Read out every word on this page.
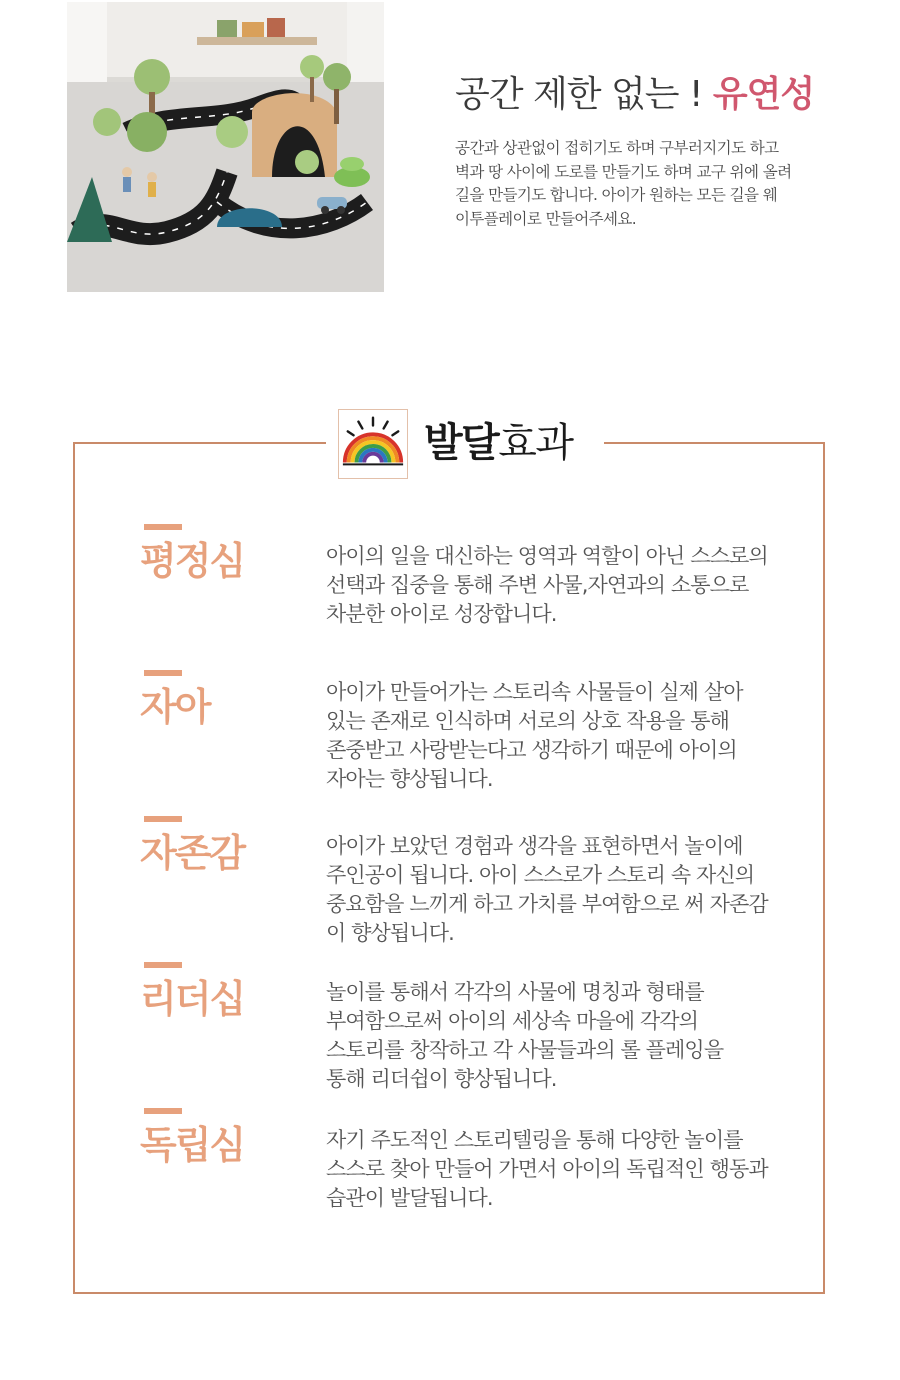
공간 제한 없는 ! 유연성
공간과 상관없이 접히기도 하며 구부러지기도 하고
벽과 땅 사이에 도로를 만들기도 하며 교구 위에 올려
길을 만들기도 합니다. 아이가 원하는 모든 길을 웨
이투플레이로 만들어주세요.
발달효과
평정심	아이의 일을 대신하는 영역과 역할이 아닌 스스로의
선택과 집중을 통해 주변 사물,자연과의 소통으로
차분한 아이로 성장합니다.
자아	아이가 만들어가는 스토리속 사물들이 실제 살아
있는 존재로 인식하며 서로의 상호 작용을 통해
존중받고 사랑받는다고 생각하기 때문에 아이의
자아는 향상됩니다.
자존감	아이가 보았던 경험과 생각을 표현하면서 놀이에
주인공이 됩니다. 아이 스스로가 스토리 속 자신의
중요함을 느끼게 하고 가치를 부여함으로 써 자존감
이 향상됩니다.
리더십	놀이를 통해서 각각의 사물에 명칭과 형태를
부여함으로써 아이의 세상속 마을에 각각의
스토리를 창작하고 각 사물들과의 롤 플레잉을
통해 리더쉽이 향상됩니다.
독립심	자기 주도적인 스토리텔링을 통해 다양한 놀이를
스스로 찾아 만들어 가면서 아이의 독립적인 행동과
습관이 발달됩니다.
